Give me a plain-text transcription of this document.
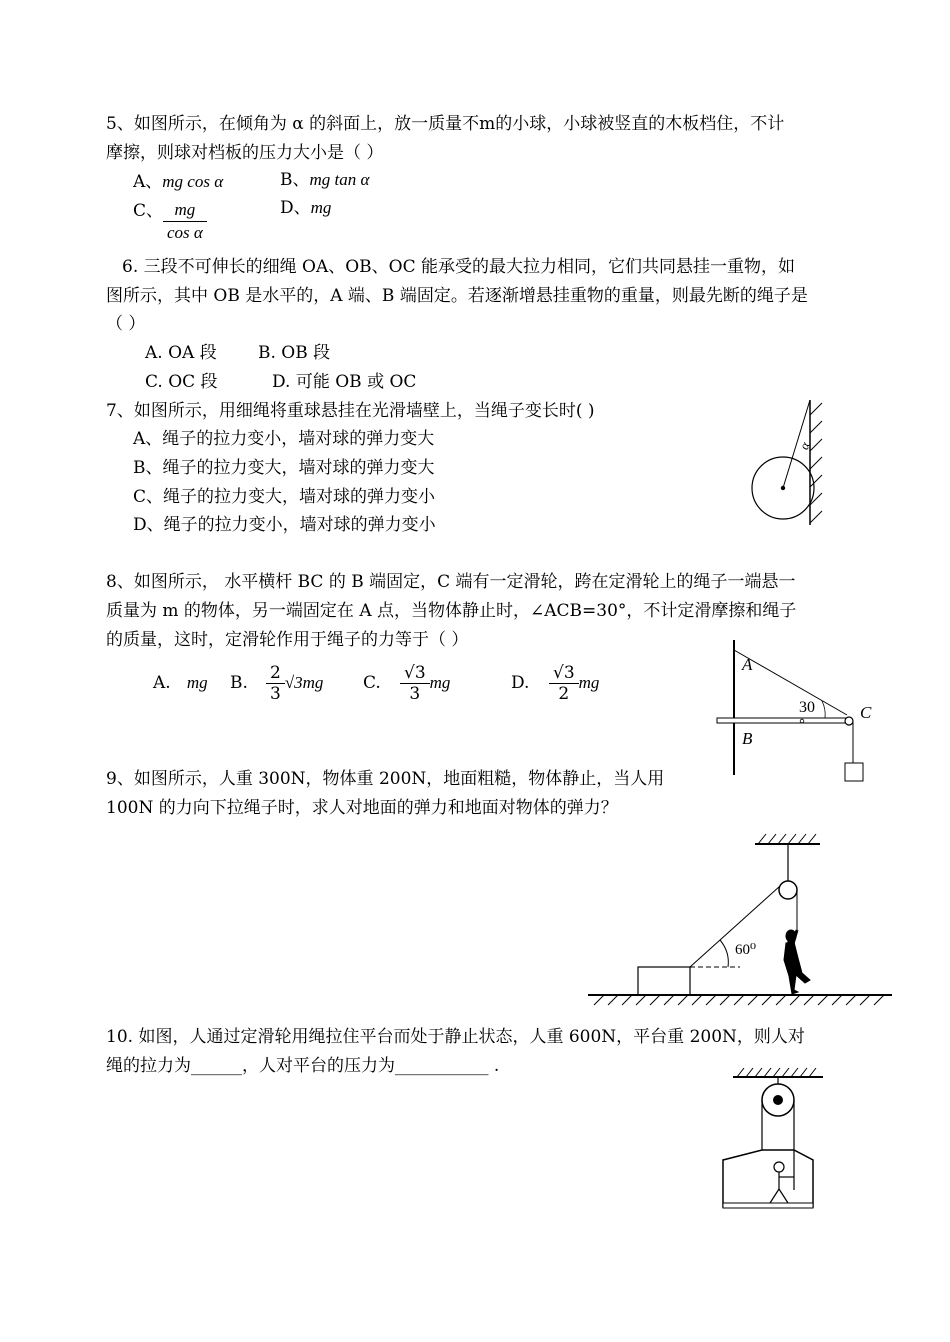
5、如图所示，在倾角为 α 的斜面上，放一质量不m的小球，小球被竖直的木板档住，不计
摩擦，则球对档板的压力大小是（ ）
A、mg cos α	B、mg tan α
C、 $\frac{mg}{\text{cos α}}$	D、mg
6. 三段不可伸长的细绳 OA、OB、OC 能承受的最大拉力相同，它们共同悬挂一重物，如
图所示，其中 OB 是水平的，A 端、B 端固定。若逐渐增悬挂重物的重量，则最先断的绳子是
（ ）
A. OA 段 B. OB 段
C. OC 段	D. 可能 OB 或 OC
7、如图所示，用细绳将重球悬挂在光滑墙壁上，当绳子变长时( )
A、绳子的拉力变小，墙对球的弹力变大
B、绳子的拉力变大，墙对球的弹力变大
C、绳子的拉力变大，墙对球的弹力变小
D、绳子的拉力变小，墙对球的弹力变小
α
8、如图所示， 水平横杆 BC 的 B 端固定，C 端有一定滑轮，跨在定滑轮上的绳子一端悬一
质量为 m 的物体，另一端固定在 A 点，当物体静止时，∠ACB=30°，不计定滑摩擦和绳子
的质量，这时，定滑轮作用于绳子的力等于（ ）
A. mg B. $\frac{2}{3} √3mg$ C. $\frac{√3}{3}$ mg	D. $\frac{√3}{2}$ mg
A
B
C
30
9、如图所示，人重 300N，物体重 200N，地面粗糙，物体静止，当人用
100N 的力向下拉绳子时，求人对地面的弹力和地面对物体的弹力？
60⁰
10. 如图，人通过定滑轮用绳拉住平台而处于静止状态，人重 600N，平台重 200N，则人对
绳的拉力为______，人对平台的压力为___________ .
